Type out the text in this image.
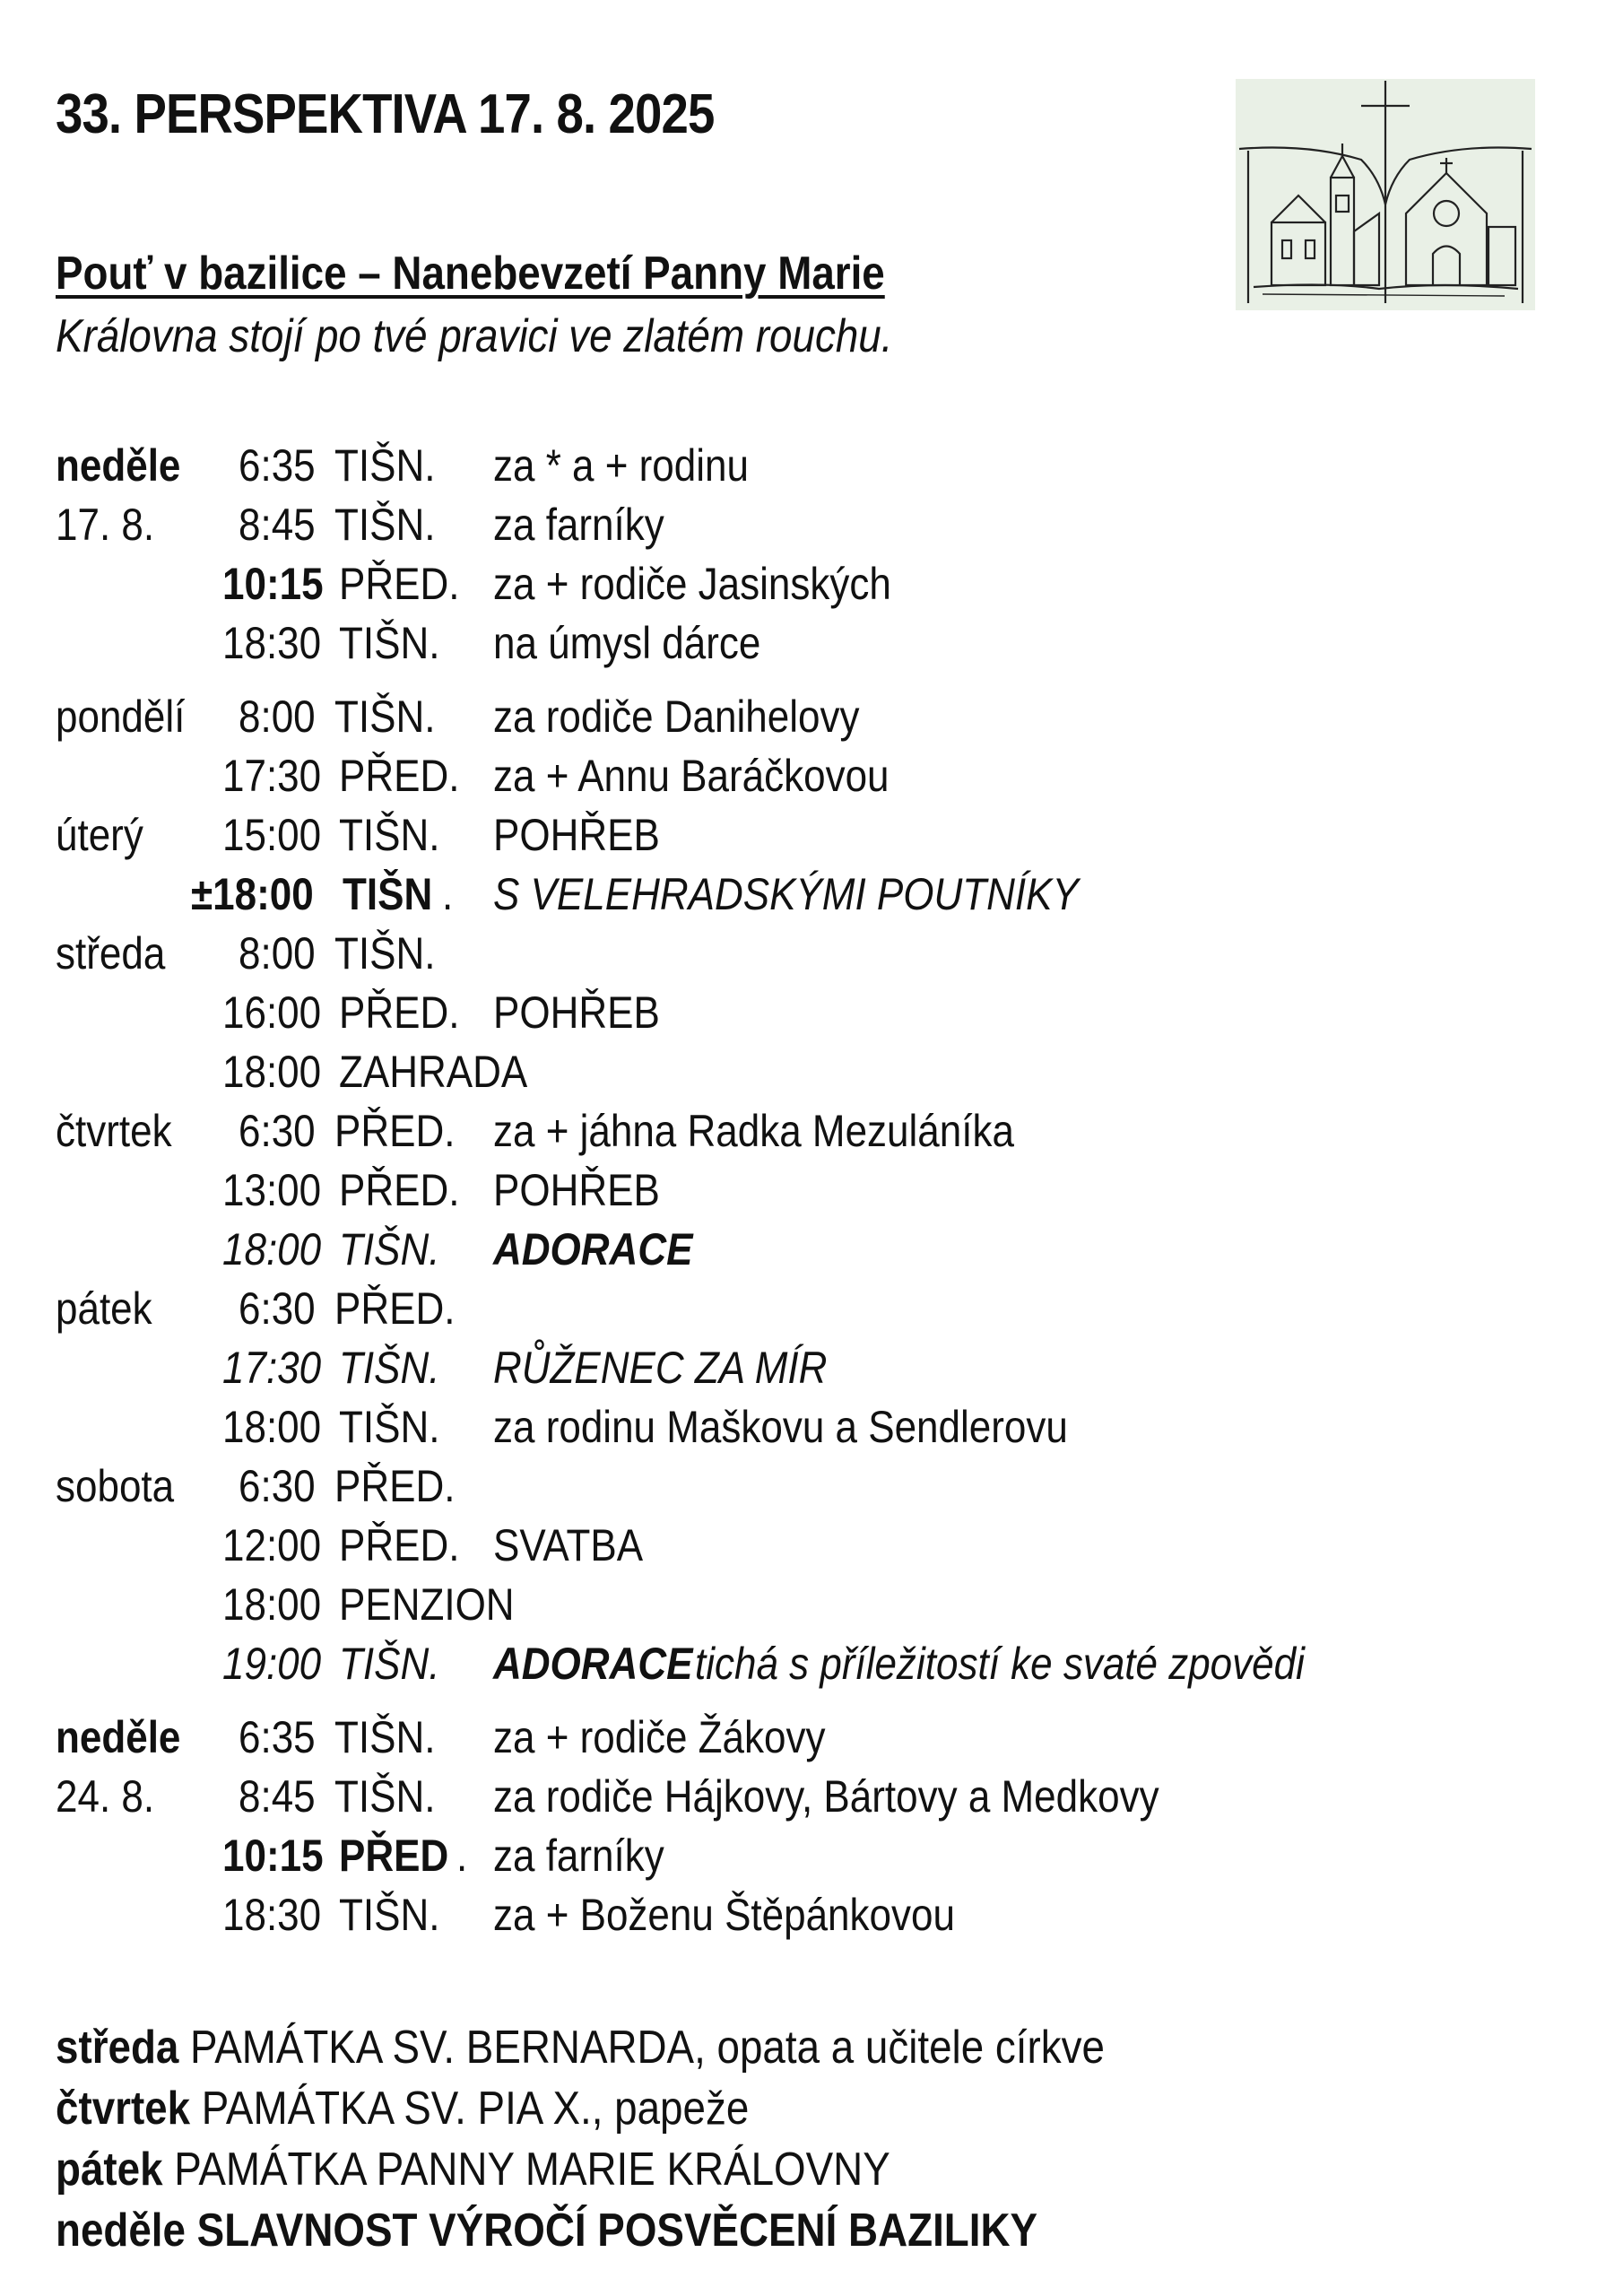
33. PERSPEKTIVA 17. 8. 2025
Pouť v bazilice – Nanebevzetí Panny Marie
Královna stojí po tvé pravici ve zlatém rouchu.
neděle 6:35 TIŠN. za * a + rodinu
17. 8. 8:45 TIŠN. za farníky
10:15 PŘED. za + rodiče Jasinských
18:30 TIŠN. na úmysl dárce
pondělí 8:00 TIŠN. za rodiče Danihelovy
17:30 PŘED. za + Annu Baráčkovou
úterý 15:00 TIŠN. POHŘEB
±18:00 TIŠN . S VELEHRADSKÝMI POUTNÍKY
středa 8:00 TIŠN.
16:00 PŘED. POHŘEB
18:00 ZAHRADA
čtvrtek 6:30 PŘED. za + jáhna Radka Mezuláníka
13:00 PŘED. POHŘEB
18:00 TIŠN. ADORACE
pátek 6:30 PŘED.
17:30 TIŠN. RŮŽENEC ZA MÍR
18:00 TIŠN. za rodinu Maškovu a Sendlerovu
sobota 6:30 PŘED.
12:00 PŘED. SVATBA
18:00 PENZION
19:00 TIŠN. ADORACE tichá s příležitostí ke svaté zpovědi
neděle 6:35 TIŠN. za + rodiče Žákovy
24. 8. 8:45 TIŠN. za rodiče Hájkovy, Bártovy a Medkovy
10:15 PŘED . za farníky
18:30 TIŠN. za + Boženu Štěpánkovou
středa PAMÁTKA SV. BERNARDA, opata a učitele církve
čtvrtek PAMÁTKA SV. PIA X., papeže
pátek PAMÁTKA PANNY MARIE KRÁLOVNY
neděle SLAVNOST VÝROČÍ POSVĚCENÍ BAZILIKY
